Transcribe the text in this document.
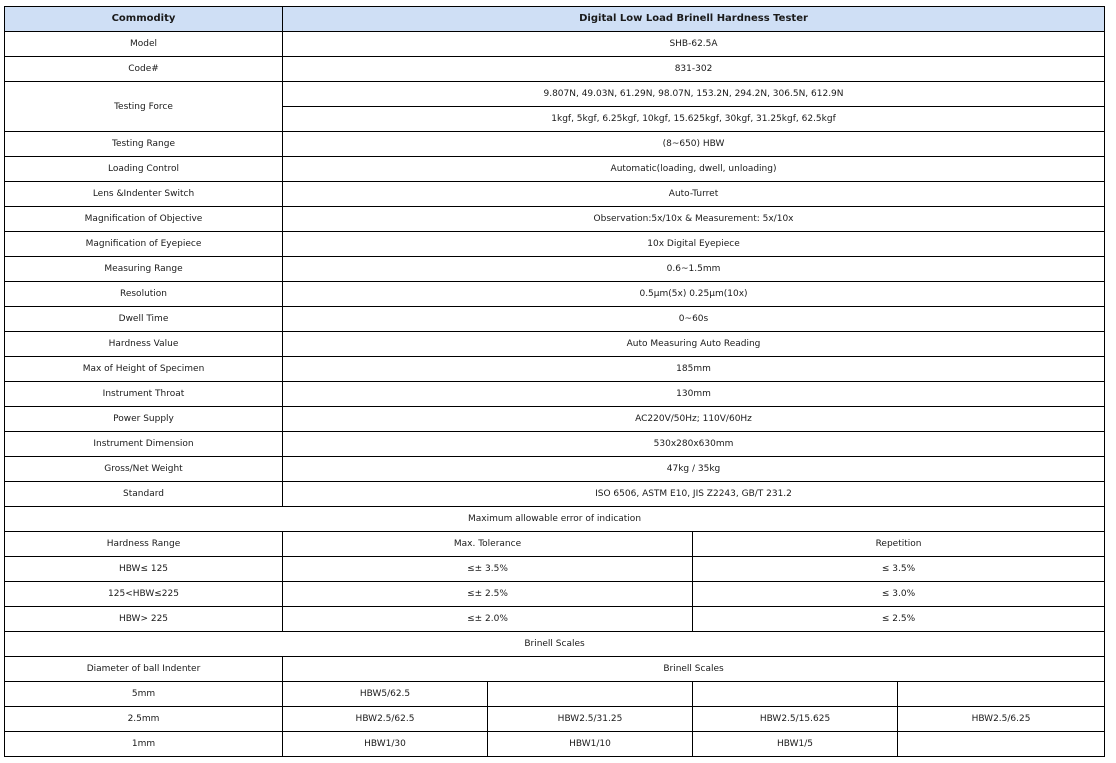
Commodity	Digital Low Load Brinell Hardness Tester			
Model	SHB-62.5A			
Code#	831-302			
Testing Force	9.807N, 49.03N, 61.29N, 98.07N, 153.2N, 294.2N, 306.5N, 612.9N			
	1kgf, 5kgf, 6.25kgf, 10kgf, 15.625kgf, 30kgf, 31.25kgf, 62.5kgf			
Testing Range	(8~650) HBW			
Loading Control	Automatic(loading, dwell, unloading)			
Lens &Indenter Switch	Auto-Turret			
Magnification of Objective	Observation:5x/10x & Measurement: 5x/10x			
Magnification of Eyepiece	10x Digital Eyepiece			
Measuring Range	0.6~1.5mm			
Resolution	0.5μm(5x) 0.25μm(10x)			
Dwell Time	0~60s			
Hardness Value	Auto Measuring Auto Reading			
Max of Height of Specimen	185mm			
Instrument Throat	130mm			
Power Supply	AC220V/50Hz; 110V/60Hz			
Instrument Dimension	530x280x630mm			
Gross/Net Weight	47kg / 35kg			
Standard	ISO 6506, ASTM E10, JIS Z2243, GB/T 231.2			
Maximum allowable error of indication				
Hardness Range	Max. Tolerance		Repetition	
HBW≤ 125	≤± 3.5%		≤ 3.5%	
125<HBW≤225	≤± 2.5%		≤ 3.0%	
HBW> 225	≤± 2.0%		≤ 2.5%	
Brinell Scales				
Diameter of ball Indenter	Brinell Scales			
5mm	HBW5/62.5			
2.5mm	HBW2.5/62.5	HBW2.5/31.25	HBW2.5/15.625	HBW2.5/6.25
1mm	HBW1/30	HBW1/10	HBW1/5	
